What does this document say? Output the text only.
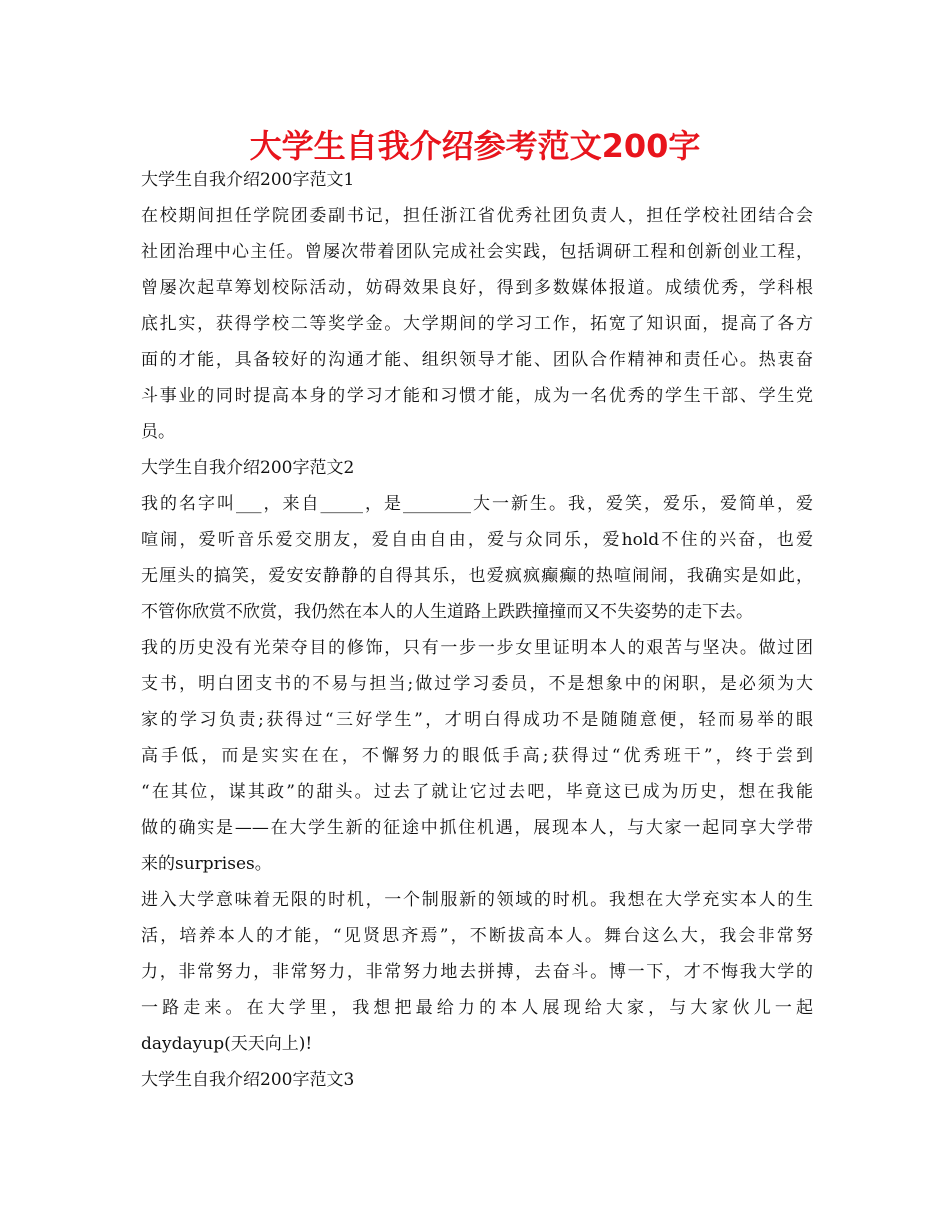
大学生自我介绍参考范文200字
大学生自我介绍200字范文1
在校期间担任学院团委副书记，担任浙江省优秀社团负责人，担任学校社团结合会
社团治理中心主任。曾屡次带着团队完成社会实践，包括调研工程和创新创业工程，
曾屡次起草筹划校际活动，妨碍效果良好，得到多数媒体报道。成绩优秀，学科根
底扎实，获得学校二等奖学金。大学期间的学习工作，拓宽了知识面，提高了各方
面的才能，具备较好的沟通才能、组织领导才能、团队合作精神和责任心。热衷奋
斗事业的同时提高本身的学习才能和习惯才能，成为一名优秀的学生干部、学生党
员。
大学生自我介绍200字范文2
我的名字叫___，来自_____，是________大一新生。我，爱笑，爱乐，爱简单，爱
喧闹，爱听音乐爱交朋友，爱自由自由，爱与众同乐，爱hold不住的兴奋，也爱
无厘头的搞笑，爱安安静静的自得其乐，也爱疯疯癫癫的热喧闹闹，我确实是如此，
不管你欣赏不欣赏，我仍然在本人的人生道路上跌跌撞撞而又不失姿势的走下去。
我的历史没有光荣夺目的修饰，只有一步一步女里证明本人的艰苦与坚决。做过团
支书，明白团支书的不易与担当;做过学习委员，不是想象中的闲职，是必须为大
家的学习负责;获得过“三好学生”，才明白得成功不是随随意便，轻而易举的眼
高手低，而是实实在在，不懈努力的眼低手高;获得过“优秀班干”，终于尝到
“在其位，谋其政”的甜头。过去了就让它过去吧，毕竟这已成为历史，想在我能
做的确实是——在大学生新的征途中抓住机遇，展现本人，与大家一起同享大学带
来的surprises。
进入大学意味着无限的时机，一个制服新的领域的时机。我想在大学充实本人的生
活，培养本人的才能，“见贤思齐焉”，不断拔高本人。舞台这么大，我会非常努
力，非常努力，非常努力，非常努力地去拼搏，去奋斗。博一下，才不悔我大学的
一路走来。在大学里，我想把最给力的本人展现给大家，与大家伙儿一起
daydayup(天天向上)!
大学生自我介绍200字范文3
